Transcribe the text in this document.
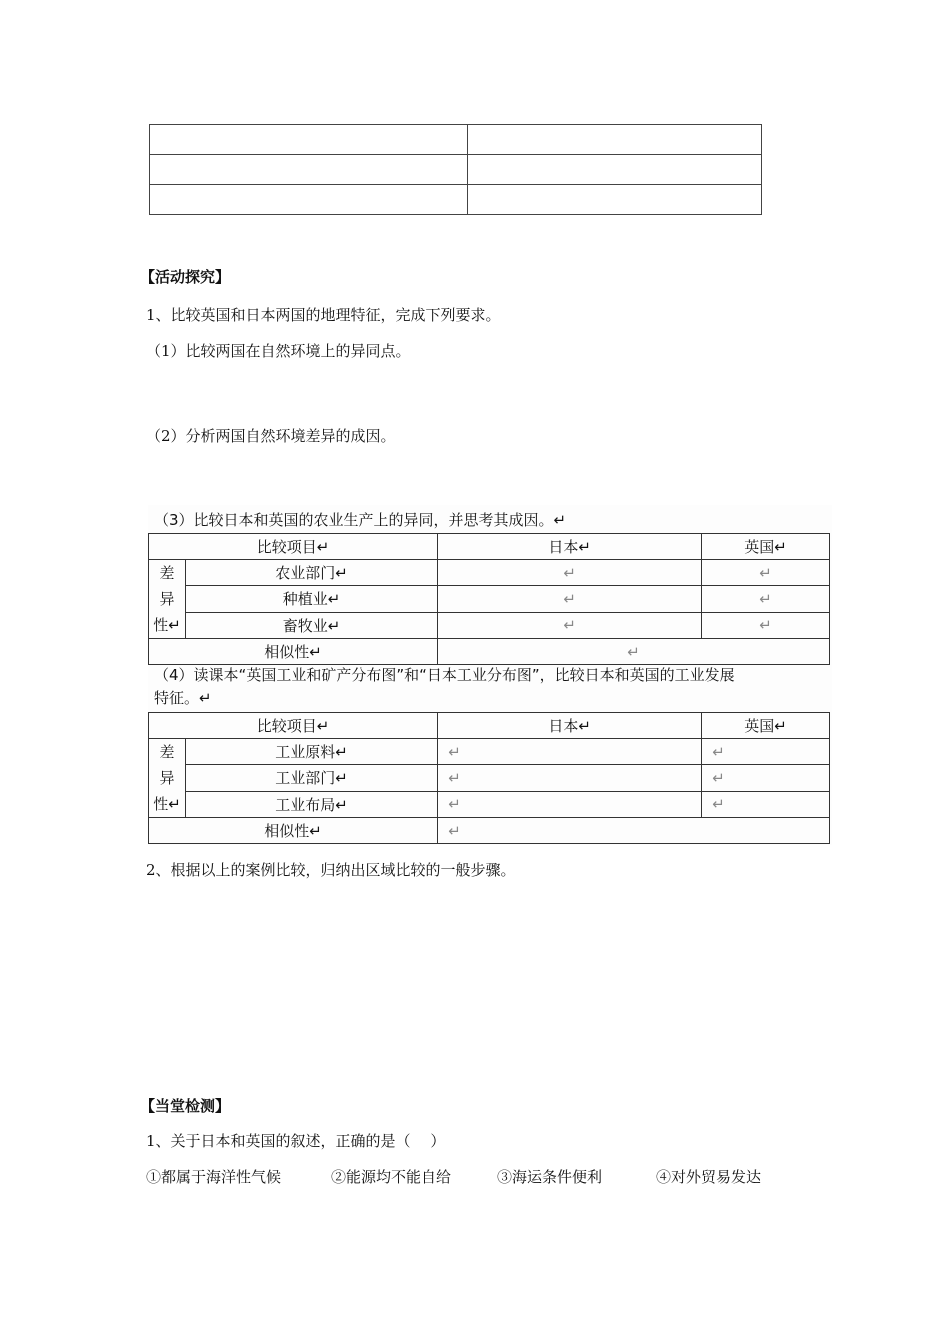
【活动探究】
1、比较英国和日本两国的地理特征，完成下列要求。
（1）比较两国在自然环境上的异同点。
（2）分析两国自然环境差异的成因。
（3）比较日本和英国的农业生产上的异同，并思考其成因。↵
比较项目↵		日本↵	英国↵
差
异
性↵	农业部门↵	↵	↵
	种植业↵	↵	↵
	畜牧业↵	↵	↵
相似性↵		↵	
（4）读课本“英国工业和矿产分布图”和“日本工业分布图”，比较日本和英国的工业发展
特征。↵
比较项目↵		日本↵	英国↵
差
异
性↵	工业原料↵	↵	↵
	工业部门↵	↵	↵
	工业布局↵	↵	↵
相似性↵		↵	
2、根据以上的案例比较，归纳出区域比较的一般步骤。
【当堂检测】
1、关于日本和英国的叙述，正确的是（　 ）
①都属于海洋性气候	②能源均不能自给	③海运条件便利	④对外贸易发达
